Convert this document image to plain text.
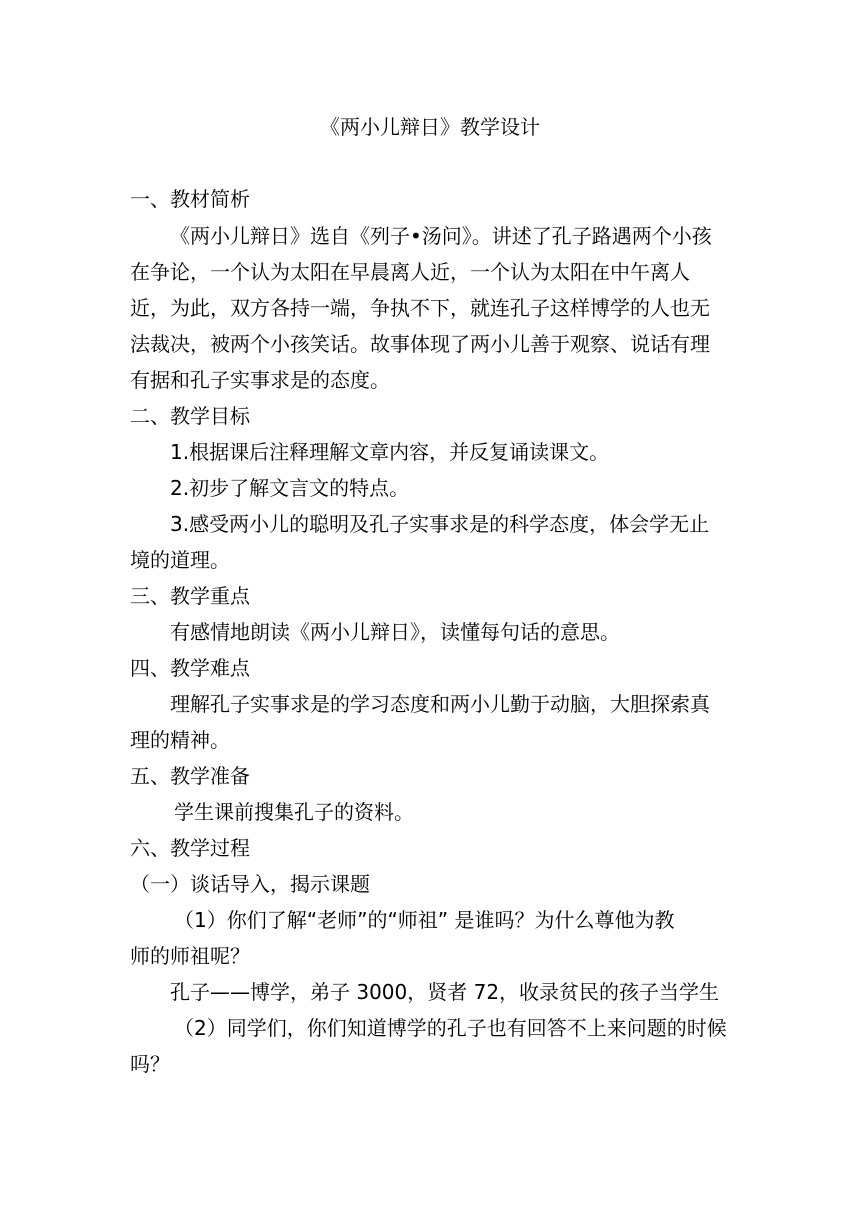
《两小儿辩日》教学设计
一、教材简析
《两小儿辩日》选自《列子•汤问》。讲述了孔子路遇两个小孩
在争论，一个认为太阳在早晨离人近，一个认为太阳在中午离人
近，为此，双方各持一端，争执不下，就连孔子这样博学的人也无
法裁决，被两个小孩笑话。故事体现了两小儿善于观察、说话有理
有据和孔子实事求是的态度。
二、教学目标
1.根据课后注释理解文章内容，并反复诵读课文。
2.初步了解文言文的特点。
3.感受两小儿的聪明及孔子实事求是的科学态度，体会学无止
境的道理。
三、教学重点
有感情地朗读《两小儿辩日》，读懂每句话的意思。
四、教学难点
理解孔子实事求是的学习态度和两小儿勤于动脑，大胆探索真
理的精神。
五、教学准备
学生课前搜集孔子的资料。
六、教学过程
（一）谈话导入，揭示课题
（1）你们了解“老师”的“师祖” 是谁吗？为什么尊他为教
师的师祖呢？
孔子——博学，弟子 3000，贤者 72，收录贫民的孩子当学生
（2）同学们，你们知道博学的孔子也有回答不上来问题的时候
吗？
